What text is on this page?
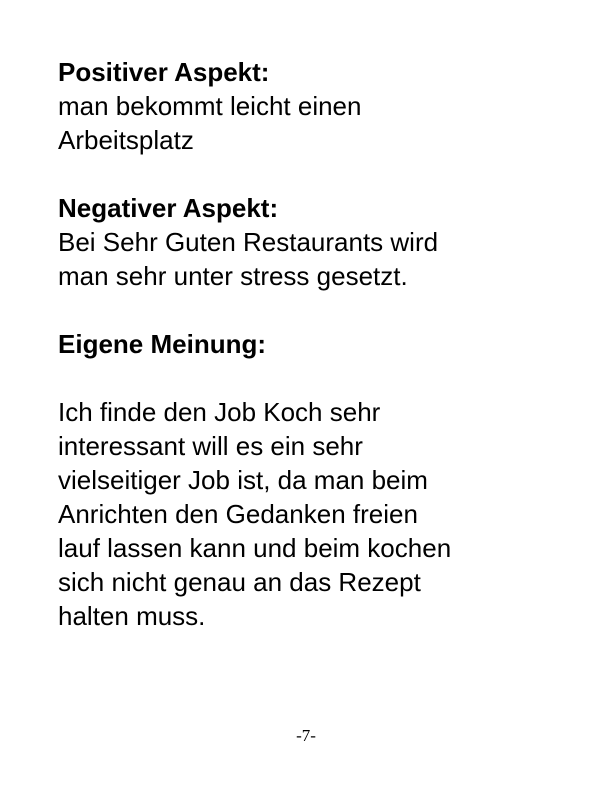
Positiver Aspekt:

man bekommt leicht einen
Arbeitsplatz

Negativer Aspekt:

Bei Sehr Guten Restaurants wird
man sehr unter stress gesetzt.

Eigene Meinung:

Ich finde den Job Koch sehr
interessant will es ein sehr
vielseitiger Job ist, da man beim
Anrichten den Gedanken freien
lauf lassen kann und beim kochen
sich nicht genau an das Rezept
halten muss.

-7-
